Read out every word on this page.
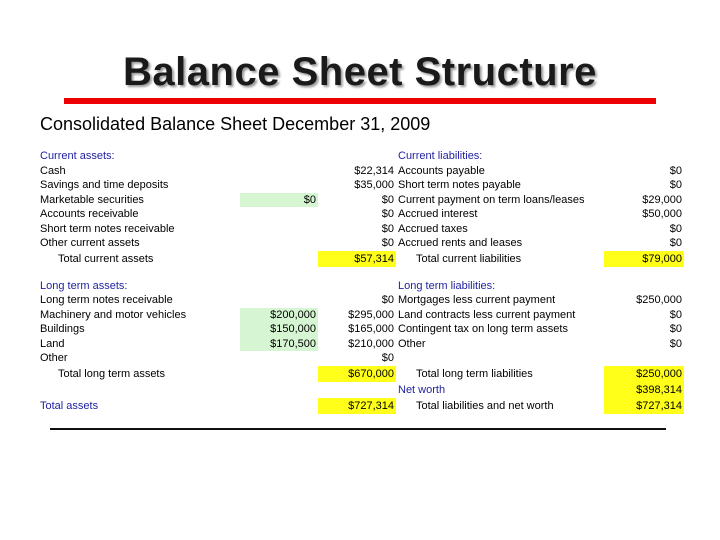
Balance Sheet Structure
Consolidated Balance Sheet December 31, 2009
Current assets:			Current liabilities:	
Cash		$22,314	Accounts payable	$0
Savings and time deposits		$35,000	Short term notes payable	$0
Marketable securities	$0	$0	Current payment on term loans/leases	$29,000
Accounts receivable		$0	Accrued interest	$50,000
Short term notes receivable		$0	Accrued taxes	$0
Other current assets		$0	Accrued rents and leases	$0
Total current assets		$57,314	Total current liabilities	$79,000

Long term assets:			Long term liabilities:	
Long term notes receivable		$0	Mortgages less current payment	$250,000
Machinery and motor vehicles	$200,000	$295,000	Land contracts less current payment	$0
Buildings	$150,000	$165,000	Contingent tax on long term assets	$0
Land	$170,500	$210,000	Other	$0
Other		$0		
Total long term assets		$670,000	Total long term liabilities	$250,000
			Net worth	$398,314
Total assets		$727,314	Total liabilities and net worth	$727,314
